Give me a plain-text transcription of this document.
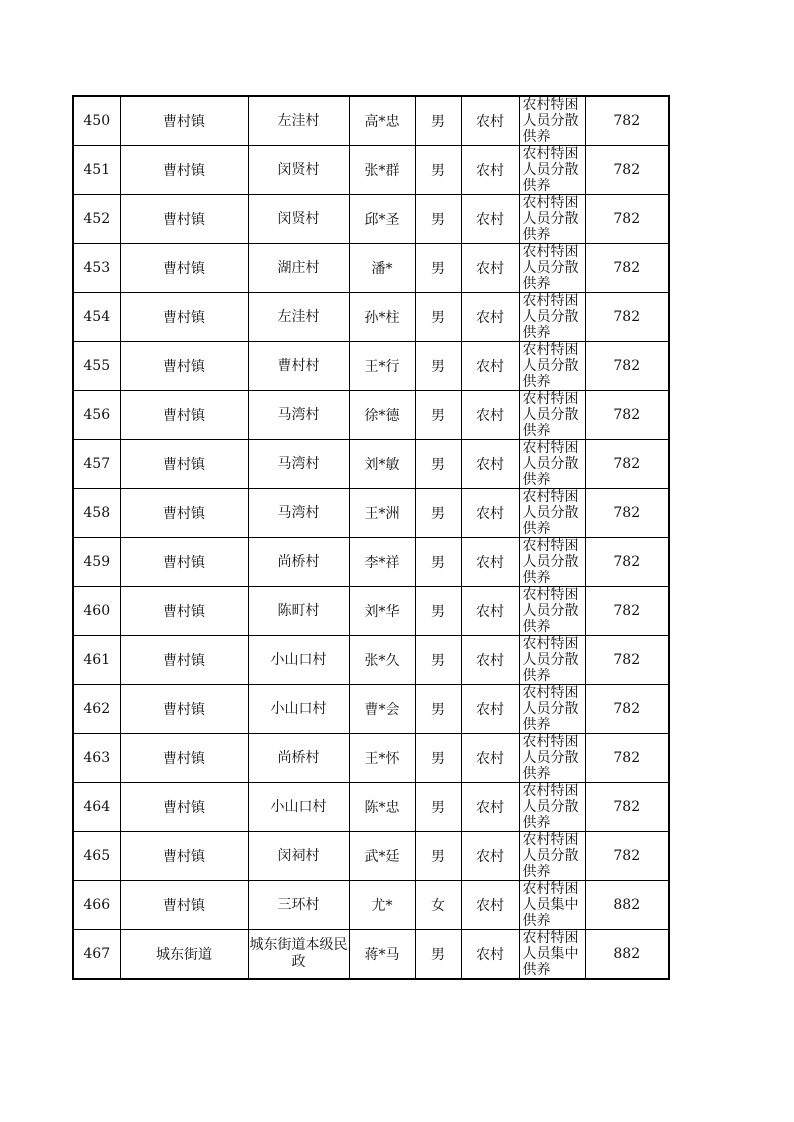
450	曹村镇	左洼村	高*忠	男	农村	农村特困人员分散供养	782
451	曹村镇	闵贤村	张*群	男	农村	农村特困人员分散供养	782
452	曹村镇	闵贤村	邱*圣	男	农村	农村特困人员分散供养	782
453	曹村镇	湖庄村	潘*	男	农村	农村特困人员分散供养	782
454	曹村镇	左洼村	孙*柱	男	农村	农村特困人员分散供养	782
455	曹村镇	曹村村	王*行	男	农村	农村特困人员分散供养	782
456	曹村镇	马湾村	徐*德	男	农村	农村特困人员分散供养	782
457	曹村镇	马湾村	刘*敏	男	农村	农村特困人员分散供养	782
458	曹村镇	马湾村	王*洲	男	农村	农村特困人员分散供养	782
459	曹村镇	尚桥村	李*祥	男	农村	农村特困人员分散供养	782
460	曹村镇	陈町村	刘*华	男	农村	农村特困人员分散供养	782
461	曹村镇	小山口村	张*久	男	农村	农村特困人员分散供养	782
462	曹村镇	小山口村	曹*会	男	农村	农村特困人员分散供养	782
463	曹村镇	尚桥村	王*怀	男	农村	农村特困人员分散供养	782
464	曹村镇	小山口村	陈*忠	男	农村	农村特困人员分散供养	782
465	曹村镇	闵祠村	武*廷	男	农村	农村特困人员分散供养	782
466	曹村镇	三环村	尤*	女	农村	农村特困人员集中供养	882
467	城东街道	城东街道本级民政	蒋*马	男	农村	农村特困人员集中供养	882
